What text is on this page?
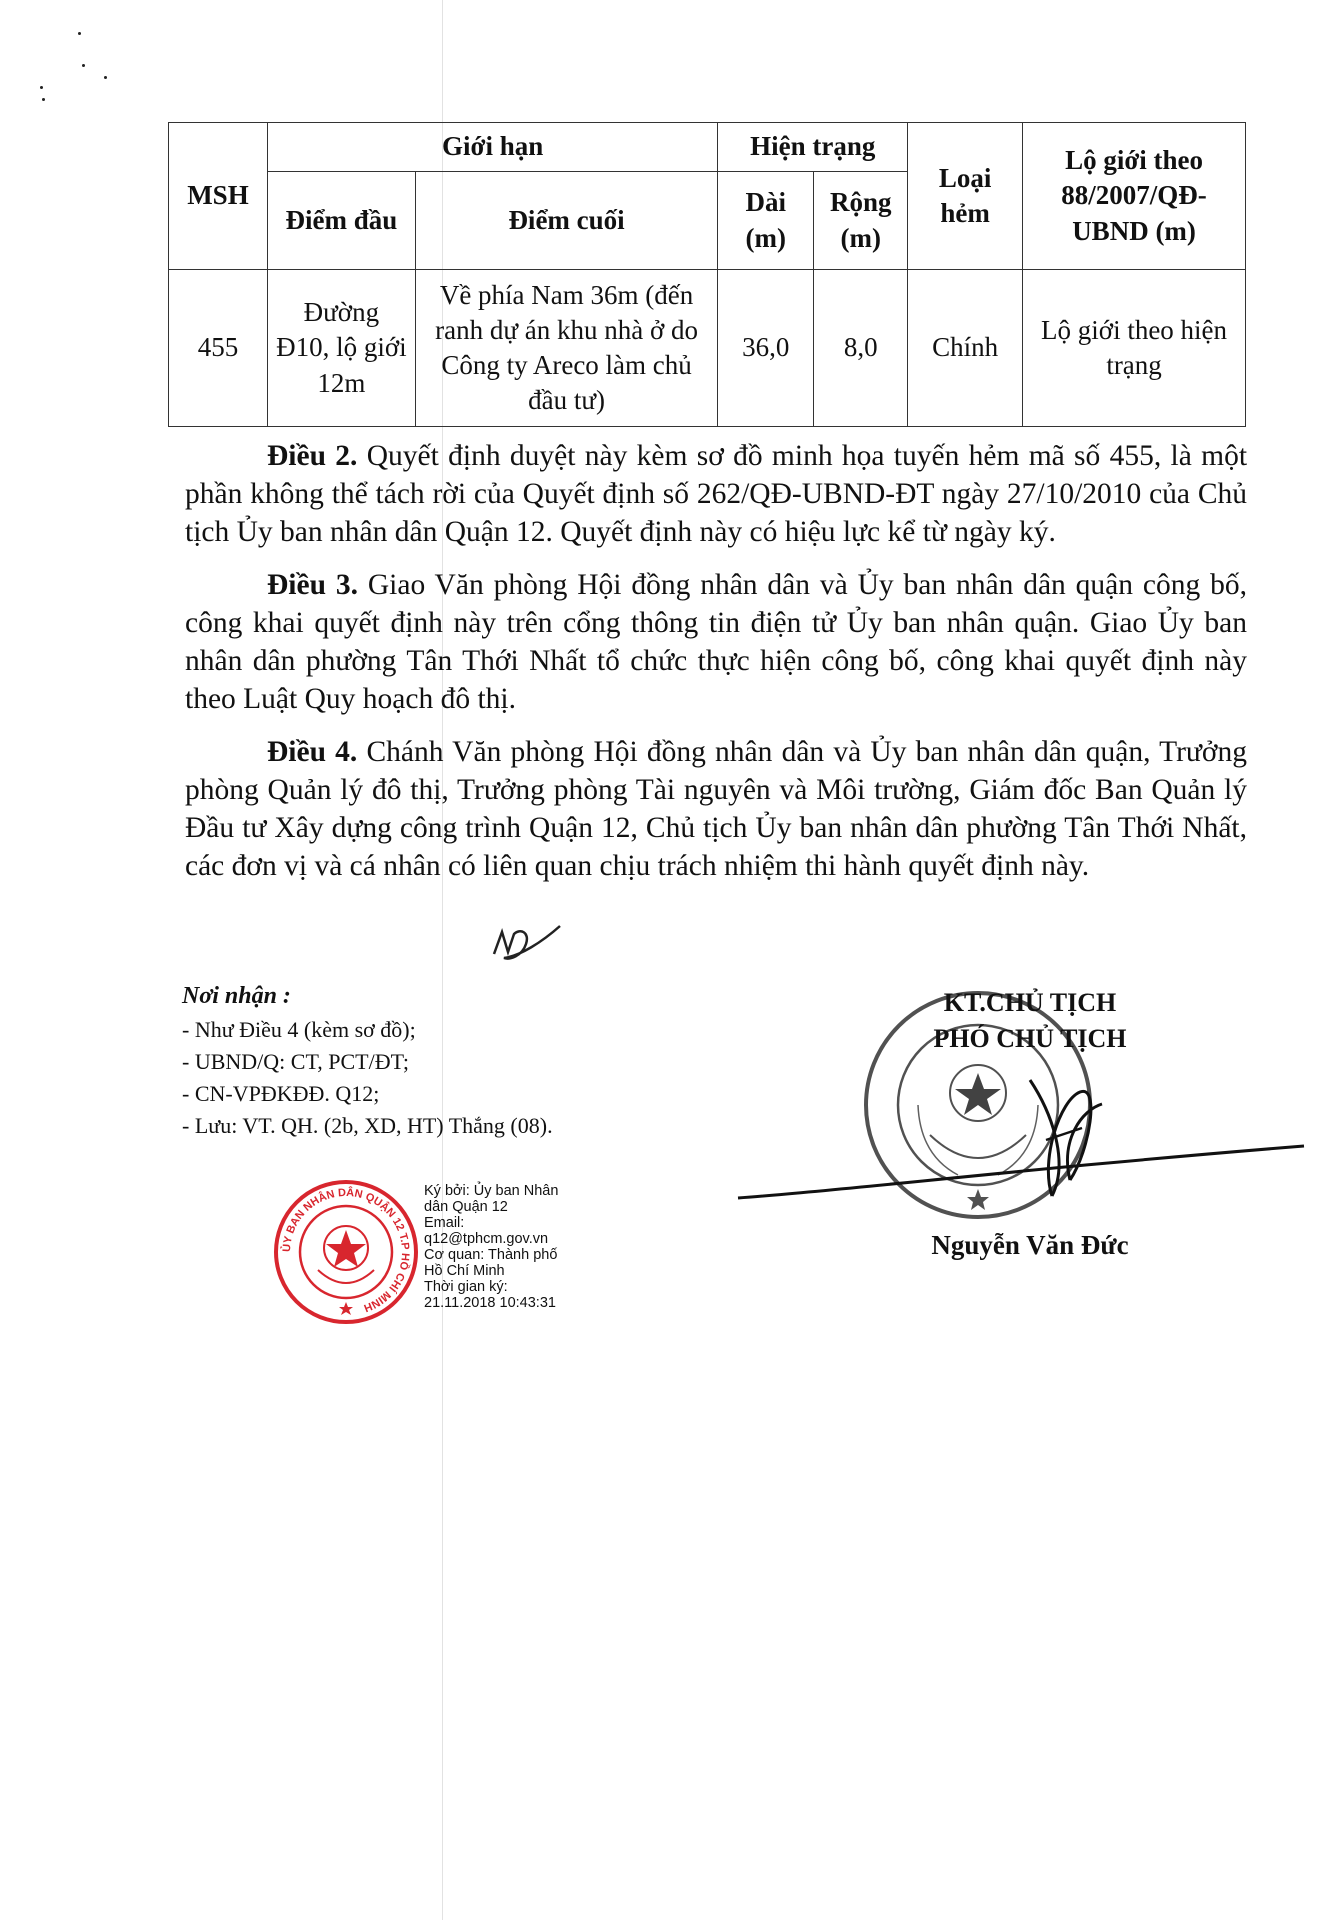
MSH	Giới hạn		Hiện trạng		Loại hẻm	Lộ giới theo 88/2007/QĐ-UBND (m)
	Điểm đầu	Điểm cuối	Dài (m)	Rộng (m)		
455	Đường Đ10, lộ giới 12m	Về phía Nam 36m (đến ranh dự án khu nhà ở do Công ty Areco làm chủ đầu tư)	36,0	8,0	Chính	Lộ giới theo hiện trạng

Điều 2. Quyết định duyệt này kèm sơ đồ minh họa tuyến hẻm mã số 455, là một phần không thể tách rời của Quyết định số 262/QĐ-UBND-ĐT ngày 27/10/2010 của Chủ tịch Ủy ban nhân dân Quận 12. Quyết định này có hiệu lực kể từ ngày ký.

Điều 3. Giao Văn phòng Hội đồng nhân dân và Ủy ban nhân dân quận công bố, công khai quyết định này trên cổng thông tin điện tử Ủy ban nhân quận. Giao Ủy ban nhân dân phường Tân Thới Nhất tổ chức thực hiện công bố, công khai quyết định này theo Luật Quy hoạch đô thị.

Điều 4. Chánh Văn phòng Hội đồng nhân dân và Ủy ban nhân dân quận, Trưởng phòng Quản lý đô thị, Trưởng phòng Tài nguyên và Môi trường, Giám đốc Ban Quản lý Đầu tư Xây dựng công trình Quận 12, Chủ tịch Ủy ban nhân dân phường Tân Thới Nhất, các đơn vị và cá nhân có liên quan chịu trách nhiệm thi hành quyết định này.

Nơi nhận :
- Như Điều 4 (kèm sơ đồ);
- UBND/Q: CT, PCT/ĐT;
- CN-VPĐKĐĐ. Q12;
- Lưu: VT. QH. (2b, XD, HT) Thắng (08).
KT.CHỦ TỊCH
PHÓ CHỦ TỊCH
Nguyễn Văn Đức
ỦY BAN NHÂN DÂN QUẬN 12 T.P HỒ CHÍ MINH
Ký bởi: Ủy ban Nhân
dân Quận 12
Email:
q12@tphcm.gov.vn
Cơ quan: Thành phố
Hồ Chí Minh
Thời gian ký:
21.11.2018 10:43:31
